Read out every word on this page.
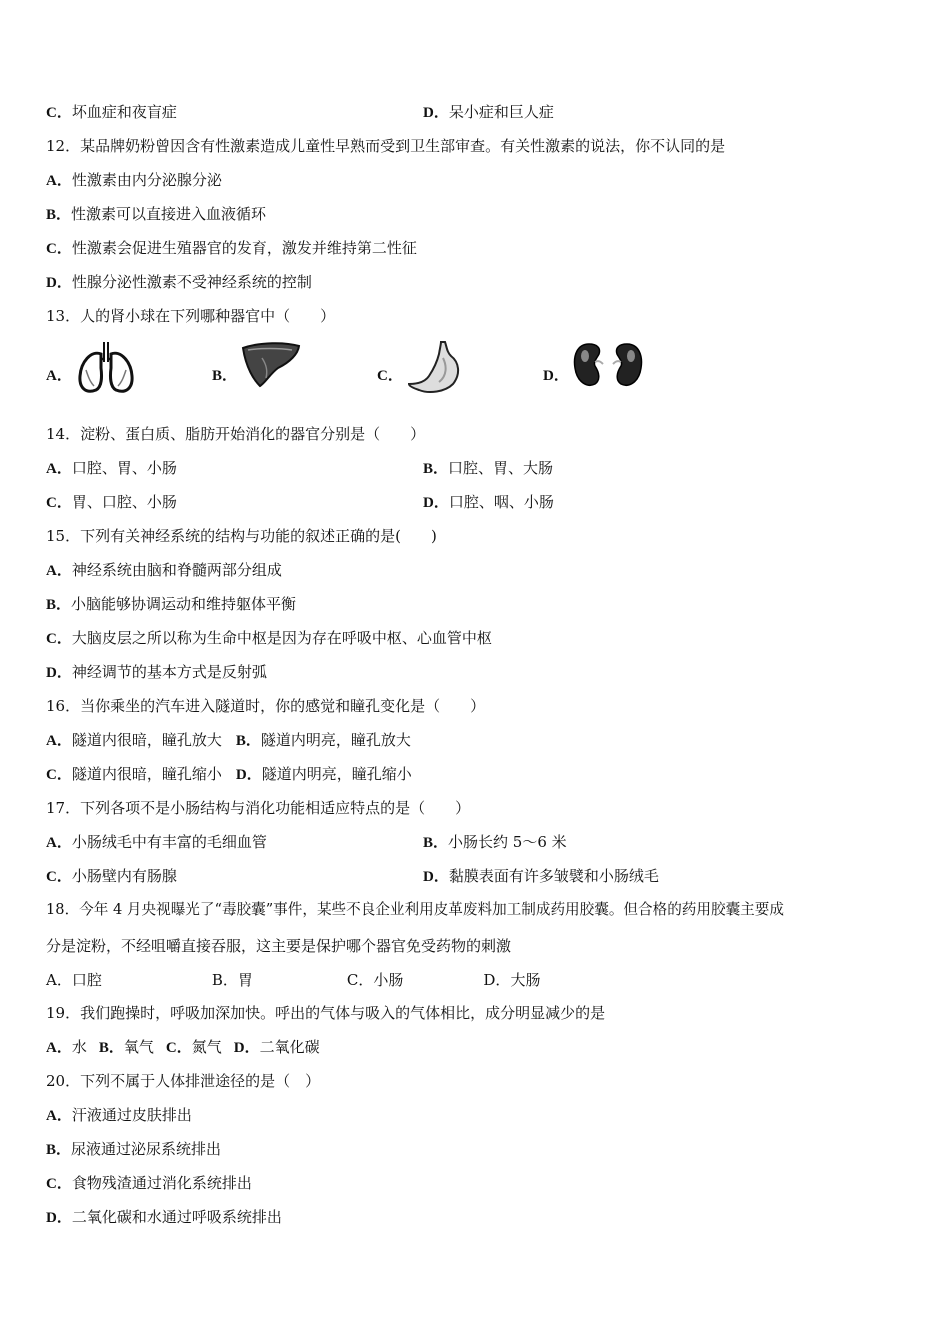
C．坏血症和夜盲症	D．呆小症和巨人症
12．某品牌奶粉曾因含有性激素造成儿童性早熟而受到卫生部审查。有关性激素的说法，你不认同的是
A．性激素由内分泌腺分泌
B．性激素可以直接进入血液循环
C．性激素会促进生殖器官的发育，激发并维持第二性征
D．性腺分泌性激素不受神经系统的控制
13．人的肾小球在下列哪种器官中（　　）
A．	B．	C．	D．
14．淀粉、蛋白质、脂肪开始消化的器官分别是（　　）
A．口腔、胃、小肠	B．口腔、胃、大肠
C．胃、口腔、小肠	D．口腔、咽、小肠
15．下列有关神经系统的结构与功能的叙述正确的是(　　)
A．神经系统由脑和脊髓两部分组成
B．小脑能够协调运动和维持躯体平衡
C．大脑皮层之所以称为生命中枢是因为存在呼吸中枢、心血管中枢
D．神经调节的基本方式是反射弧
16．当你乘坐的汽车进入隧道时，你的感觉和瞳孔变化是（　　）
A．隧道内很暗，瞳孔放大 B．隧道内明亮，瞳孔放大
C．隧道内很暗，瞳孔缩小 D．隧道内明亮，瞳孔缩小
17．下列各项不是小肠结构与消化功能相适应特点的是（　　）
A．小肠绒毛中有丰富的毛细血管	B．小肠长约 5～6 米
C．小肠壁内有肠腺	D．黏膜表面有许多皱襞和小肠绒毛
18．今年 4 月央视曝光了“毒胶囊”事件，某些不良企业利用皮革废料加工制成药用胶囊。但合格的药用胶囊主要成
分是淀粉，不经咀嚼直接吞服，这主要是保护哪个器官免受药物的刺激
A．口腔	B．胃	C．小肠	D．大肠
19．我们跑操时，呼吸加深加快。呼出的气体与吸入的气体相比，成分明显减少的是
A．水 B．氧气 C．氮气 D．二氧化碳
20．下列不属于人体排泄途径的是（　）
A．汗液通过皮肤排出
B．尿液通过泌尿系统排出
C．食物残渣通过消化系统排出
D．二氧化碳和水通过呼吸系统排出
